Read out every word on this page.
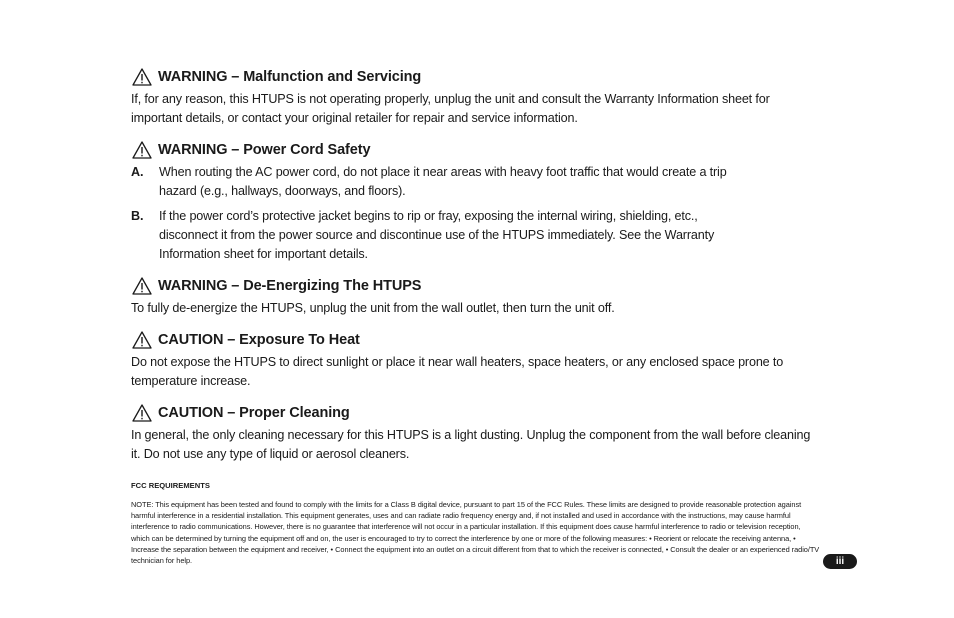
WARNING – Malfunction and Servicing

If, for any reason, this HTUPS is not operating properly, unplug the unit and consult the Warranty Information sheet for important details, or contact your original retailer for repair and service information.

WARNING – Power Cord Safety
A.	When routing the AC power cord, do not place it near areas with heavy foot traffic that would create a trip hazard (e.g., hallways, doorways, and floors).
B.	If the power cord’s protective jacket begins to rip or fray, exposing the internal wiring, shielding, etc., disconnect it from the power source and discontinue use of the HTUPS immediately. See the Warranty Information sheet for important details.
WARNING – De-Energizing The HTUPS

To fully de-energize the HTUPS, unplug the unit from the wall outlet, then turn the unit off.

CAUTION – Exposure To Heat

Do not expose the HTUPS to direct sunlight or place it near wall heaters, space heaters, or any enclosed space prone to temperature increase.

CAUTION – Proper Cleaning

In general, the only cleaning necessary for this HTUPS is a light dusting. Unplug the component from the wall before cleaning it. Do not use any type of liquid or aerosol cleaners.

FCC REQUIREMENTS

NOTE: This equipment has been tested and found to comply with the limits for a Class B digital device, pursuant to part 15 of the FCC Rules. These limits are designed to provide reasonable protection against harmful interference in a residential installation. This equipment generates, uses and can radiate radio frequency energy and, if not installed and used in accordance with the instructions, may cause harmful interference to radio communications. However, there is no guarantee that interference will not occur in a particular installation. If this equipment does cause harmful interference to radio or television reception, which can be determined by turning the equipment off and on, the user is encouraged to try to correct the interference by one or more of the following measures: • Reorient or relocate the receiving antenna, • Increase the separation between the equipment and receiver, • Connect the equipment into an outlet on a circuit different from that to which the receiver is connected, • Consult the dealer or an experienced radio/TV technician for help.	iii
